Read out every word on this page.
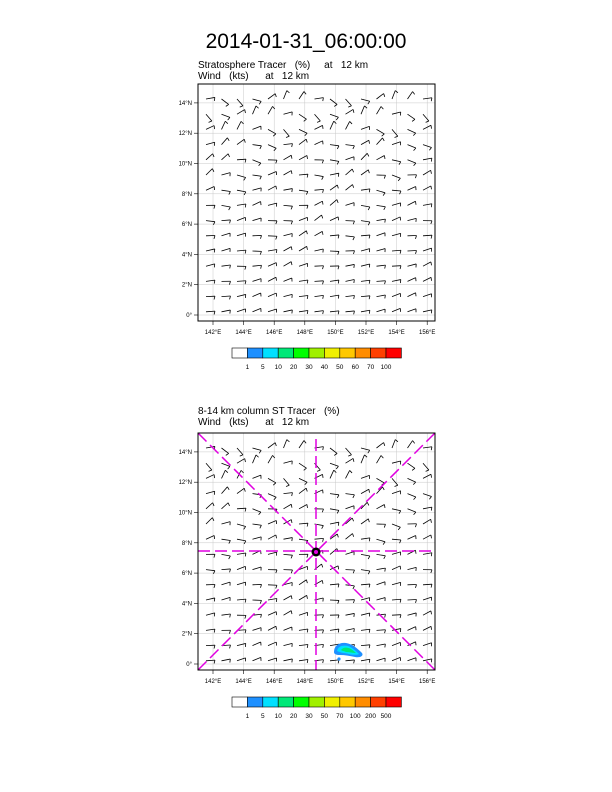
2014-01-31_06:00:00
Stratosphere Tracer   (%)     at   12 km
Wind   (kts)      at   12 km
8-14 km column ST Tracer   (%)
Wind   (kts)      at   12 km
142°E
0°
144°E
2°N
146°E
4°N
148°E
6°N
150°E
8°N
152°E
10°N
154°E
12°N
156°E
14°N
1 5 10 20 30 40 50 60 70 100
142°E
0°
144°E
2°N
146°E
4°N
148°E
6°N
150°E
8°N
152°E
10°N
154°E
12°N
156°E
14°N
1 5 10 20 30 50 70 100 200 500
